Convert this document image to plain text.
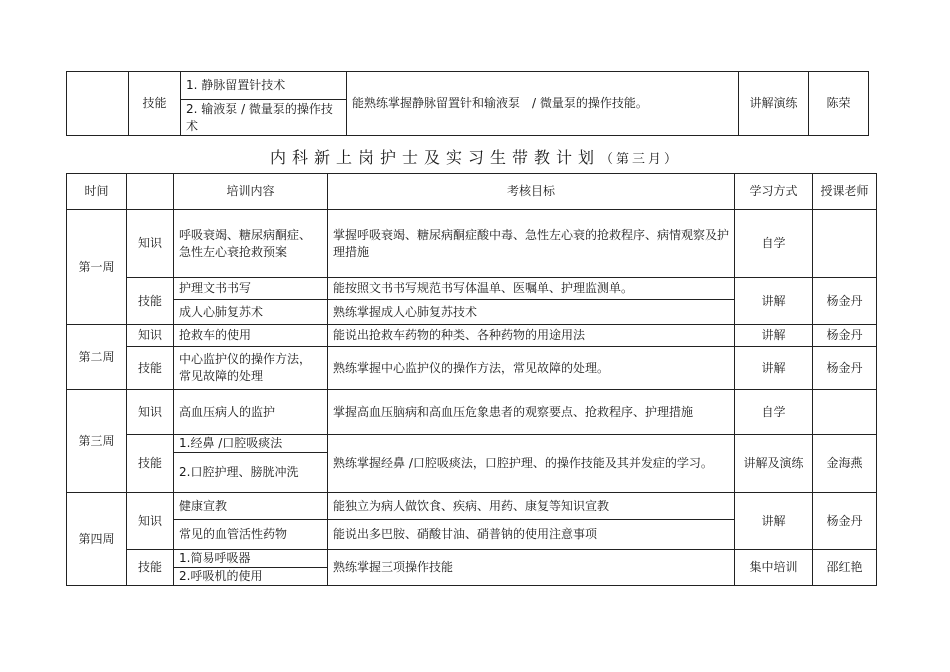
	技能	1. 静脉留置针技术	能熟练掌握静脉留置针和输液泵　/ 微量泵的操作技能。	讲解演练	陈荣
2. 输液泵 / 微量泵的操作技术
内科新上岗护士及实习生带教计划（第三月）
时间		培训内容	考核目标	学习方式	授课老师
第一周	知识	呼吸衰竭、糖尿病酮症、急性左心衰抢救预案	掌握呼吸衰竭、糖尿病酮症酸中毒、急性左心衰的抢救程序、病情观察及护理措施	自学	
	技能	护理文书书写	能按照文书书写规范书写体温单、医嘱单、护理监测单。	讲解	杨金丹
		成人心肺复苏术	熟练掌握成人心肺复苏技术		
第二周	知识	抢救车的使用	能说出抢救车药物的种类、各种药物的用途用法	讲解	杨金丹
	技能	中心监护仪的操作方法，常见故障的处理	熟练掌握中心监护仪的操作方法，常见故障的处理。	讲解	杨金丹
第三周	知识	高血压病人的监护	掌握高血压脑病和高血压危象患者的观察要点、抢救程序、护理措施	自学	
	技能	1.经鼻 /口腔吸痰法	熟练掌握经鼻 /口腔吸痰法，口腔护理、的操作技能及其并发症的学习。	讲解及演练	金海燕
		2.口腔护理、膀胱冲洗			
第四周	知识	健康宣教	能独立为病人做饮食、疾病、用药、康复等知识宣教	讲解	杨金丹
		常见的血管活性药物	能说出多巴胺、硝酸甘油、硝普钠的使用注意事项		
	技能	1.简易呼吸器	熟练掌握三项操作技能	集中培训	邵红艳
		2.呼吸机的使用			
